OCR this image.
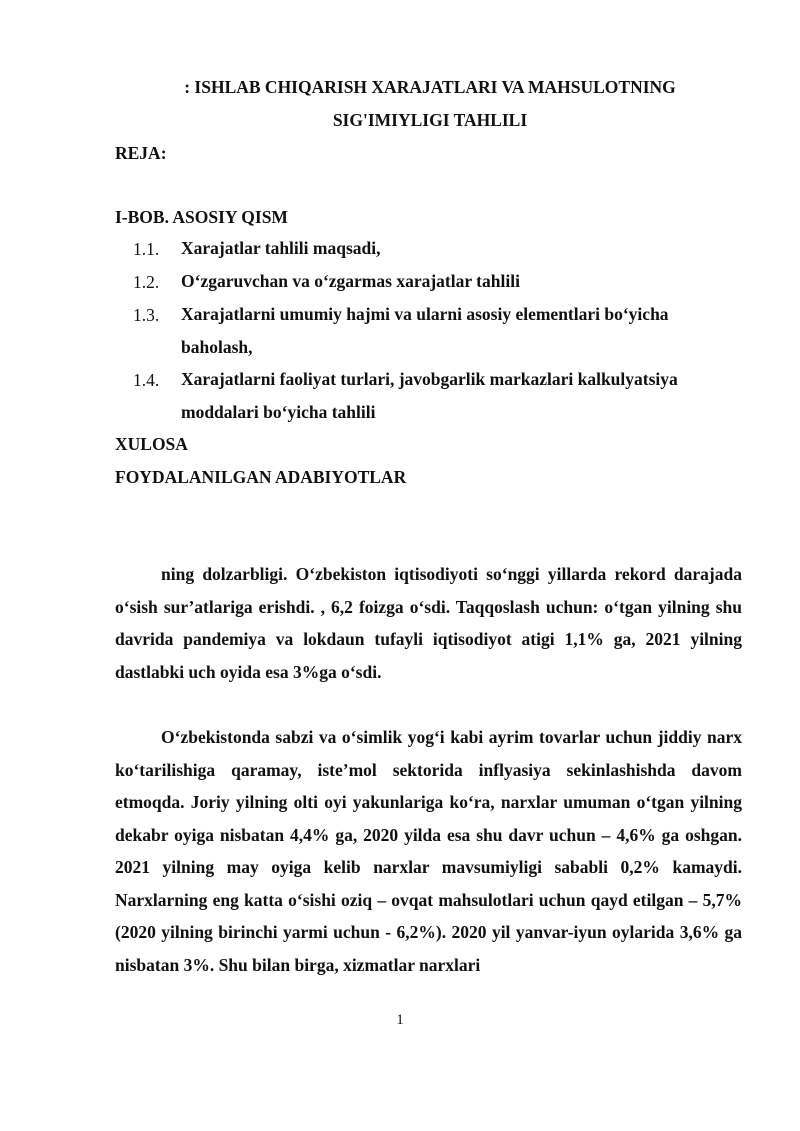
: ISHLAB CHIQARISH XARAJATLARI VA MAHSULOTNING
SIG'IMIYLIGI TAHLILI
REJA:
I-BOB. ASOSIY QISM
1.1. Xarajatlar tahlili maqsadi,
1.2. O‘zgaruvchan va o‘zgarmas xarajatlar tahlili
1.3. Xarajatlarni umumiy hajmi va ularni asosiy elementlari bo‘yicha baholash,
1.4. Xarajatlarni faoliyat turlari, javobgarlik markazlari kalkulyatsiya moddalari bo‘yicha tahlili
XULOSA
FOYDALANILGAN ADABIYOTLAR
ning dolzarbligi. O‘zbekiston iqtisodiyoti so‘nggi yillarda rekord darajada o‘sish sur’atlariga erishdi. , 6,2 foizga o‘sdi. Taqqoslash uchun: o‘tgan yilning shu davrida pandemiya va lokdaun tufayli iqtisodiyot atigi 1,1% ga, 2021 yilning dastlabki uch oyida esa 3%ga o‘sdi.
O‘zbekistonda sabzi va o‘simlik yog‘i kabi ayrim tovarlar uchun jiddiy narx ko‘tarilishiga qaramay, iste’mol sektorida inflyasiya sekinlashishda davom etmoqda. Joriy yilning olti oyi yakunlariga ko‘ra, narxlar umuman o‘tgan yilning dekabr oyiga nisbatan 4,4% ga, 2020 yilda esa shu davr uchun – 4,6% ga oshgan. 2021 yilning may oyiga kelib narxlar mavsumiyligi sababli 0,2% kamaydi. Narxlarning eng katta o‘sishi oziq – ovqat mahsulotlari uchun qayd etilgan – 5,7% (2020 yilning birinchi yarmi uchun - 6,2%). 2020 yil yanvar-iyun oylarida 3,6% ga nisbatan 3%. Shu bilan birga, xizmatlar narxlari
1
